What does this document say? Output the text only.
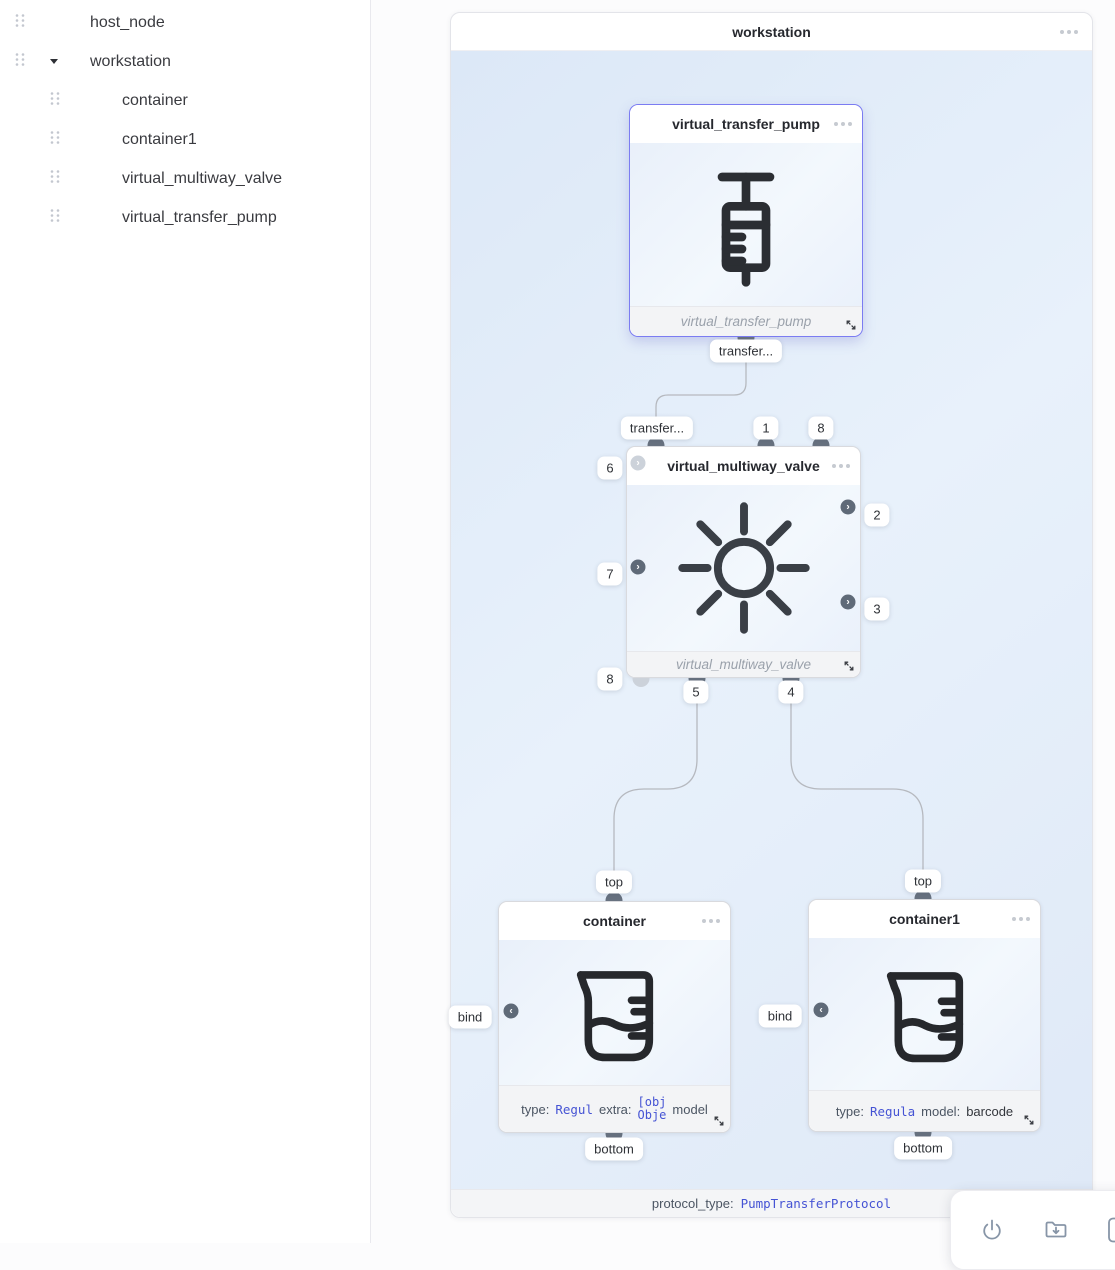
host_node
workstation
container
container1
virtual_multiway_valve
virtual_transfer_pump
workstation
virtual_transfer_pump
virtual_transfer_pump
virtual_multiway_valve
virtual_multiway_valve
container
type: Regul extra: [obj
Obje model
container1
type: Regula model: barcode
›
›
›
›
‹	‹
transfer...
transfer...	1	8
6
7
8
2
3
5	4
top	top
bind	bind
bottom	bottom
protocol_type: PumpTransferProtocol
